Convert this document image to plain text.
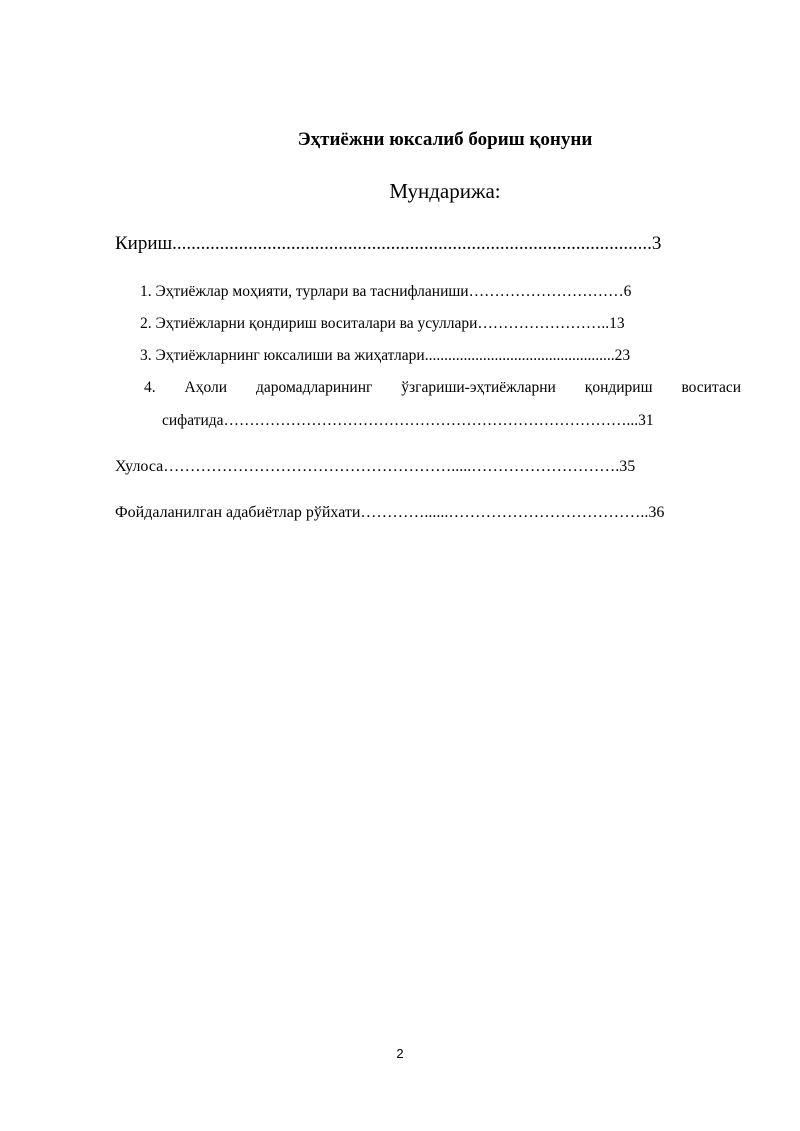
Эҳтиёжни юксалиб бориш қонуни
Мундарижа:
Кириш.....................................................................................................3
1. Эҳтиёжлар моҳияти, турлари ва таснифланиши…………………………6
2. Эҳтиёжларни қондириш воситалари ва усуллари……………………..13
3. Эҳтиёжларнинг юксалиши ва жиҳатлари.................................................23
4. Аҳоли даромадларининг ўзгариши-эҳтиёжларни қондириш воситаси
сифатида……………………………………………………………………...31
Хулоса……………………………………………….....……………………….35
Фойдаланилган адабиётлар рўйхати…………......………………………………..36
2
